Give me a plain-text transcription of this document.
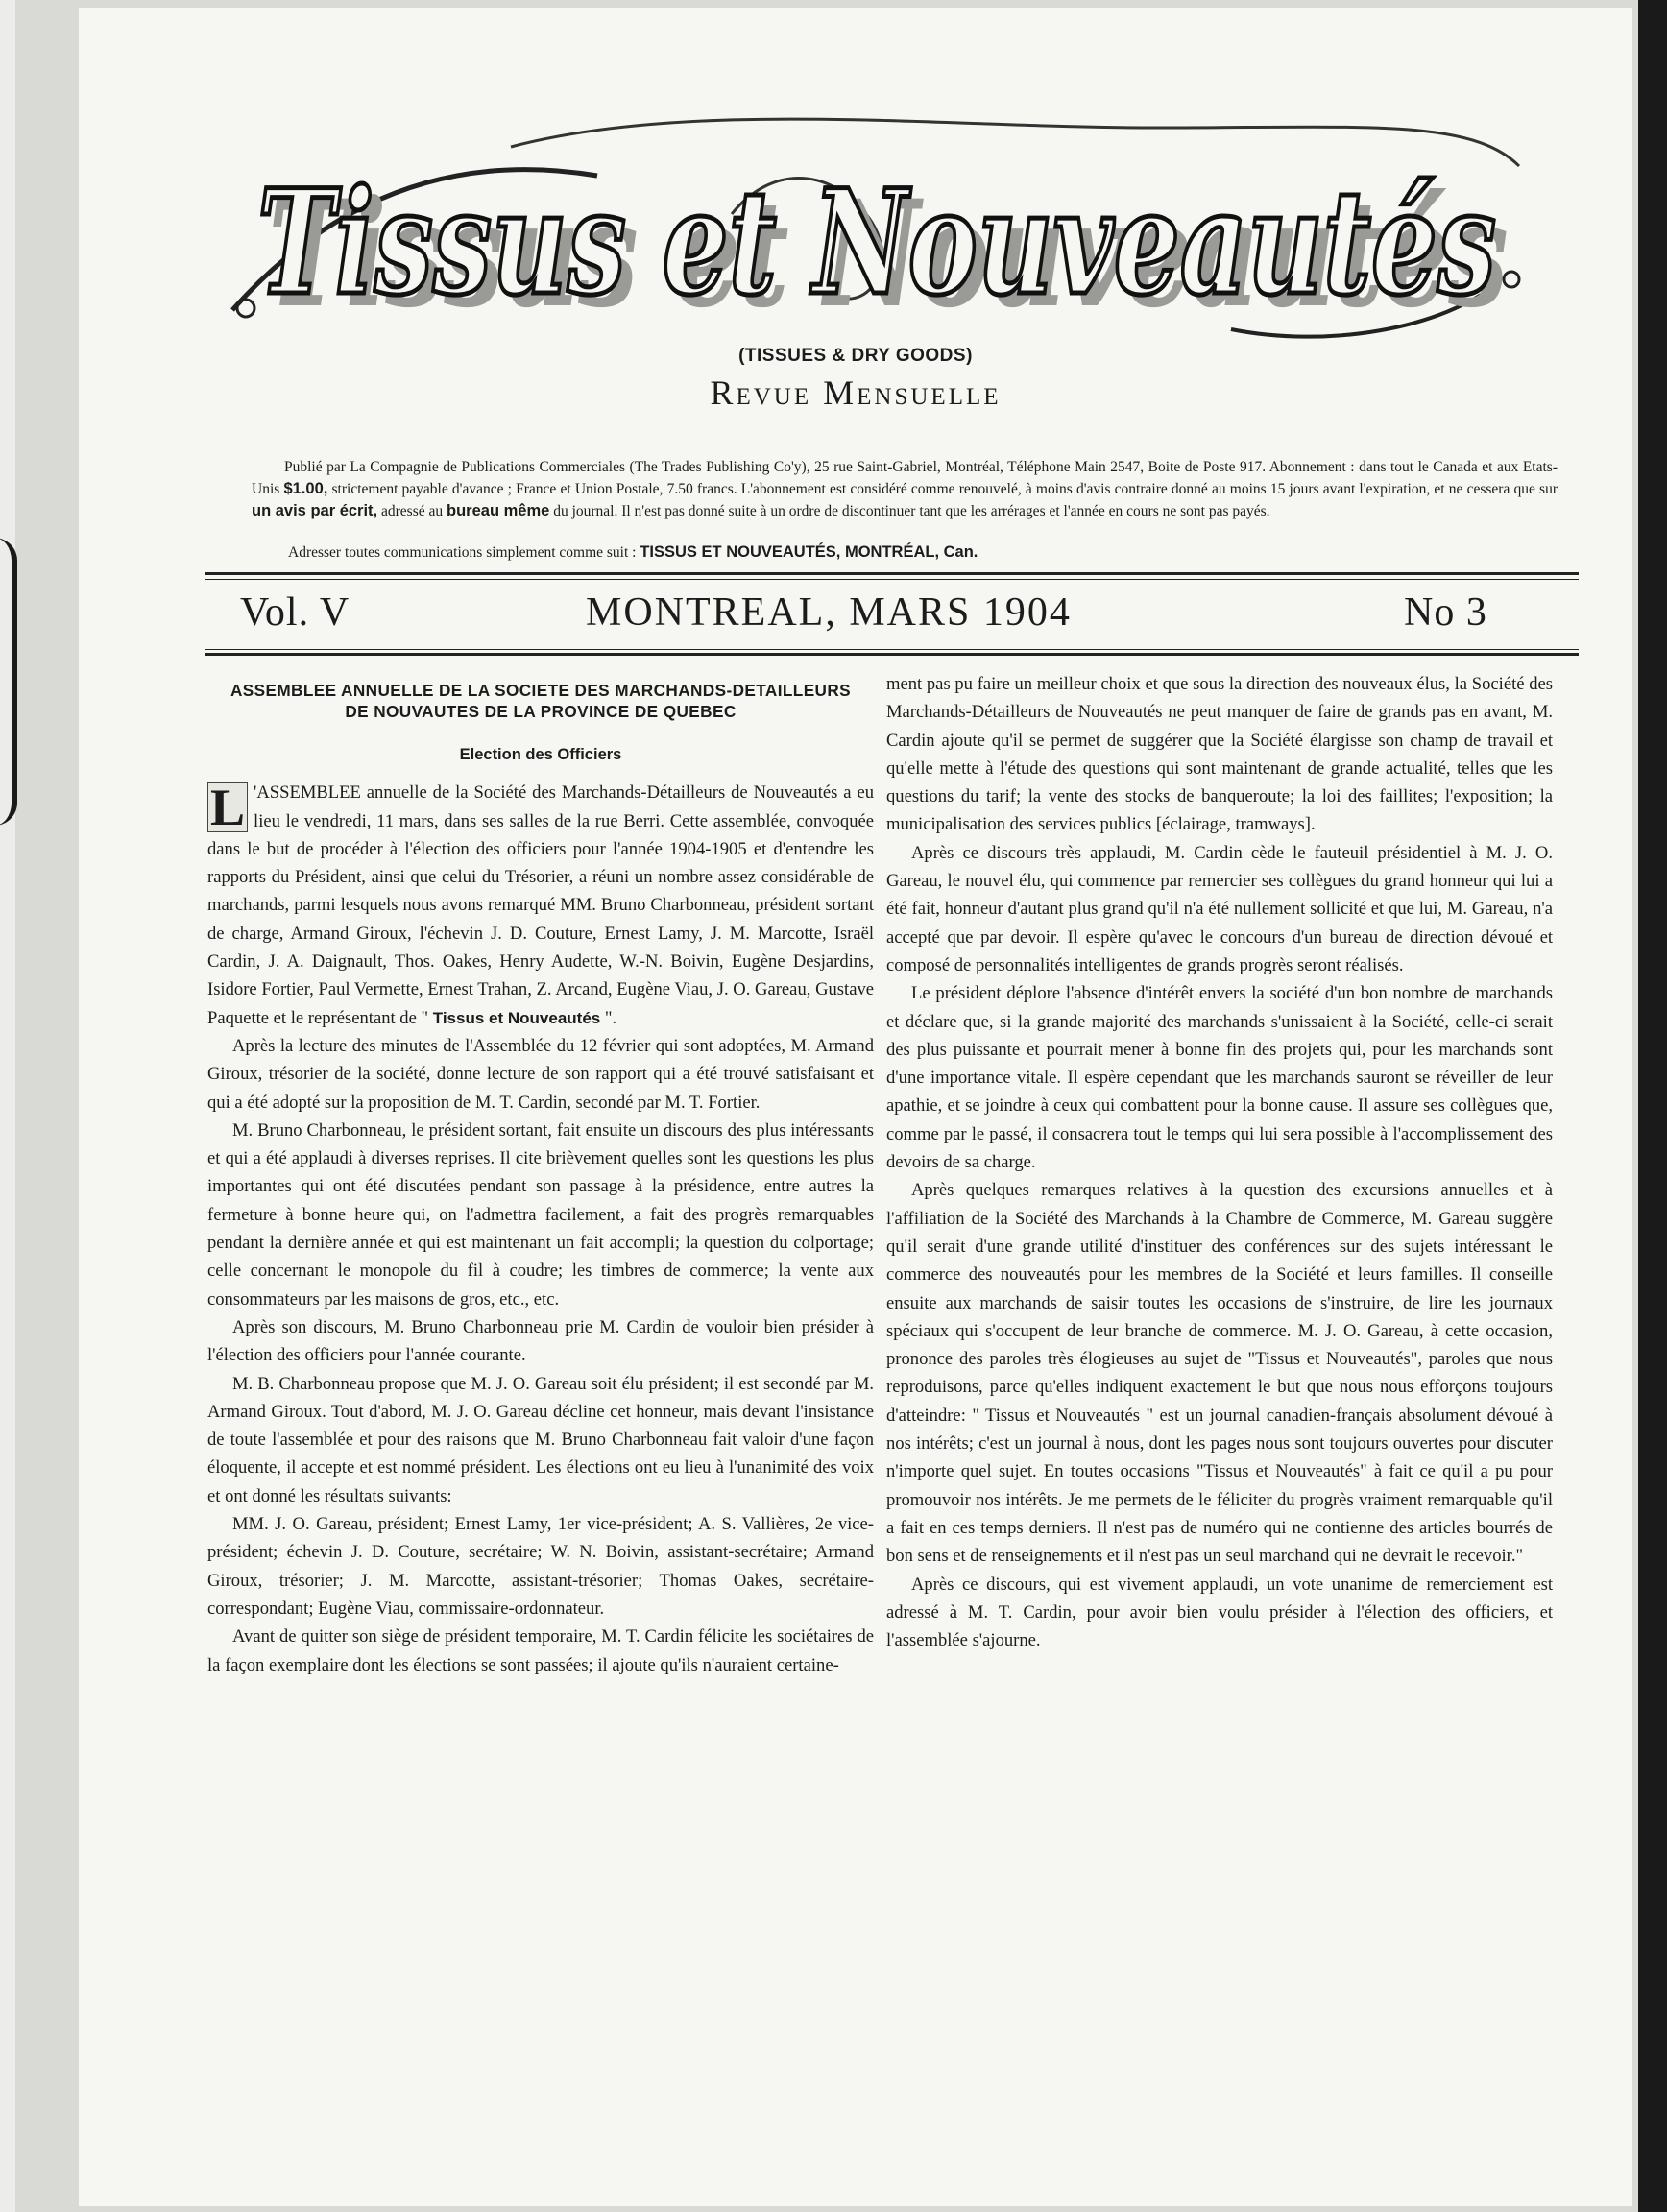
Tissus et Nouveautés
Tissus et Nouveautés
(TISSUES & DRY GOODS)
Revue Mensuelle
Publié par La Compagnie de Publications Commerciales (The Trades Publishing Co'y), 25 rue Saint-Gabriel, Montréal, Téléphone Main 2547, Boite de Poste 917. Abonnement : dans tout le Canada et aux Etats-Unis $1.00, strictement payable d'avance ; France et Union Postale, 7.50 francs. L'abonnement est considéré comme renouvelé, à moins d'avis contraire donné au moins 15 jours avant l'expiration, et ne cessera que sur un avis par écrit, adressé au bureau même du journal. Il n'est pas donné suite à un ordre de discontinuer tant que les arrérages et l'année en cours ne sont pas payés.
Adresser toutes communications simplement comme suit : TISSUS ET NOUVEAUTÉS, MONTRÉAL, Can.
Vol. V	MONTREAL, MARS 1904	No 3

ASSEMBLEE ANNUELLE DE LA SOCIETE DES MARCHANDS-DETAILLEURS DE NOUVAUTES DE LA PROVINCE DE QUEBEC

Election des Officiers

L 'ASSEMBLEE annuelle de la Société des Marchands-Détailleurs de Nouveautés a eu lieu le vendredi, 11 mars, dans ses salles de la rue Berri. Cette assemblée, convoquée dans le but de procéder à l'élection des officiers pour l'année 1904-1905 et d'entendre les rapports du Président, ainsi que celui du Trésorier, a réuni un nombre assez considérable de marchands, parmi lesquels nous avons remarqué MM. Bruno Charbonneau, président sortant de charge, Armand Giroux, l'échevin J. D. Couture, Ernest Lamy, J. M. Marcotte, Israël Cardin, J. A. Daignault, Thos. Oakes, Henry Audette, W.-N. Boivin, Eugène Desjardins, Isidore Fortier, Paul Vermette, Ernest Trahan, Z. Arcand, Eugène Viau, J. O. Gareau, Gustave Paquette et le représentant de " Tissus et Nouveautés ".

Après la lecture des minutes de l'Assemblée du 12 février qui sont adoptées, M. Armand Giroux, trésorier de la société, donne lecture de son rapport qui a été trouvé satisfaisant et qui a été adopté sur la proposition de M. T. Cardin, secondé par M. T. Fortier.

M. Bruno Charbonneau, le président sortant, fait ensuite un discours des plus intéressants et qui a été applaudi à diverses reprises. Il cite brièvement quelles sont les questions les plus importantes qui ont été discutées pendant son passage à la présidence, entre autres la fermeture à bonne heure qui, on l'admettra facilement, a fait des progrès remarquables pendant la dernière année et qui est maintenant un fait accompli; la question du colportage; celle concernant le monopole du fil à coudre; les timbres de commerce; la vente aux consommateurs par les maisons de gros, etc., etc.

Après son discours, M. Bruno Charbonneau prie M. Cardin de vouloir bien présider à l'élection des officiers pour l'année courante.

M. B. Charbonneau propose que M. J. O. Gareau soit élu président; il est secondé par M. Armand Giroux. Tout d'abord, M. J. O. Gareau décline cet honneur, mais devant l'insistance de toute l'assemblée et pour des raisons que M. Bruno Charbonneau fait valoir d'une façon éloquente, il accepte et est nommé président. Les élections ont eu lieu à l'unanimité des voix et ont donné les résultats suivants:

MM. J. O. Gareau, président; Ernest Lamy, 1er vice-président; A. S. Vallières, 2e vice-président; échevin J. D. Couture, secrétaire; W. N. Boivin, assistant-secrétaire; Armand Giroux, trésorier; J. M. Marcotte, assistant-trésorier; Thomas Oakes, secrétaire-correspondant; Eugène Viau, commissaire-ordonnateur.

Avant de quitter son siège de président temporaire, M. T. Cardin félicite les sociétaires de la façon exemplaire dont les élections se sont passées; il ajoute qu'ils n'auraient certaine-

ment pas pu faire un meilleur choix et que sous la direction des nouveaux élus, la Société des Marchands-Détailleurs de Nouveautés ne peut manquer de faire de grands pas en avant, M. Cardin ajoute qu'il se permet de suggérer que la Société élargisse son champ de travail et qu'elle mette à l'étude des questions qui sont maintenant de grande actualité, telles que les questions du tarif; la vente des stocks de banqueroute; la loi des faillites; l'exposition; la municipalisation des services publics [éclairage, tramways].

Après ce discours très applaudi, M. Cardin cède le fauteuil présidentiel à M. J. O. Gareau, le nouvel élu, qui commence par remercier ses collègues du grand honneur qui lui a été fait, honneur d'autant plus grand qu'il n'a été nullement sollicité et que lui, M. Gareau, n'a accepté que par devoir. Il espère qu'avec le concours d'un bureau de direction dévoué et composé de personnalités intelligentes de grands progrès seront réalisés.

Le président déplore l'absence d'intérêt envers la société d'un bon nombre de marchands et déclare que, si la grande majorité des marchands s'unissaient à la Société, celle-ci serait des plus puissante et pourrait mener à bonne fin des projets qui, pour les marchands sont d'une importance vitale. Il espère cependant que les marchands sauront se réveiller de leur apathie, et se joindre à ceux qui combattent pour la bonne cause. Il assure ses collègues que, comme par le passé, il consacrera tout le temps qui lui sera possible à l'accomplissement des devoirs de sa charge.

Après quelques remarques relatives à la question des excursions annuelles et à l'affiliation de la Société des Marchands à la Chambre de Commerce, M. Gareau suggère qu'il serait d'une grande utilité d'instituer des conférences sur des sujets intéressant le commerce des nouveautés pour les membres de la Société et leurs familles. Il conseille ensuite aux marchands de saisir toutes les occasions de s'instruire, de lire les journaux spéciaux qui s'occupent de leur branche de commerce. M. J. O. Gareau, à cette occasion, prononce des paroles très élogieuses au sujet de "Tissus et Nouveautés", paroles que nous reproduisons, parce qu'elles indiquent exactement le but que nous nous efforçons toujours d'atteindre: " Tissus et Nouveautés " est un journal canadien-français absolument dévoué à nos intérêts; c'est un journal à nous, dont les pages nous sont toujours ouvertes pour discuter n'importe quel sujet. En toutes occasions "Tissus et Nouveautés" à fait ce qu'il a pu pour promouvoir nos intérêts. Je me permets de le féliciter du progrès vraiment remarquable qu'il a fait en ces temps derniers. Il n'est pas de numéro qui ne contienne des articles bourrés de bon sens et de renseignements et il n'est pas un seul marchand qui ne devrait le recevoir."

Après ce discours, qui est vivement applaudi, un vote unanime de remerciement est adressé à M. T. Cardin, pour avoir bien voulu présider à l'élection des officiers, et l'assemblée s'ajourne.
